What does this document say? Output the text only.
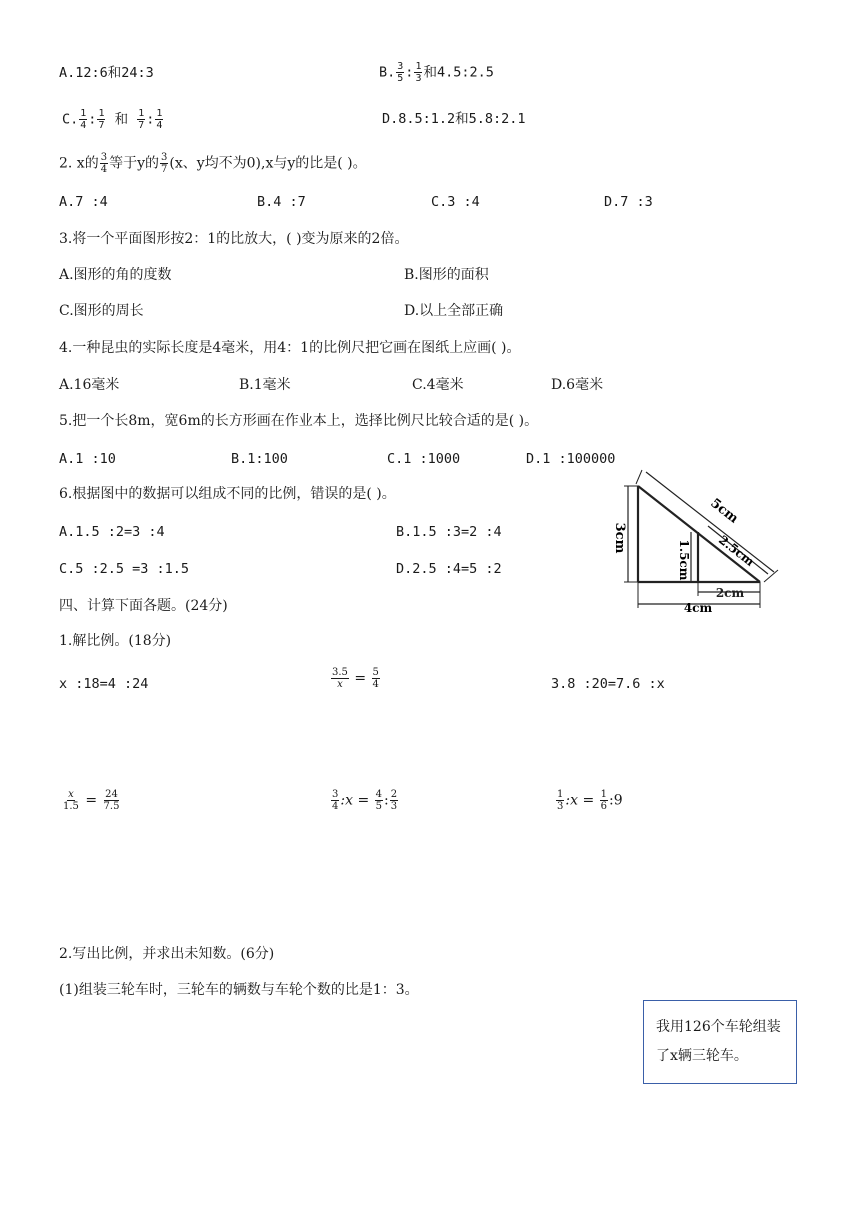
A.12:6和24:3	B. $\frac{3}{5}$ : $\frac{1}{3}$ 和4.5:2.5
C. $\frac{1}{4}$ : $\frac{1}{7}$ 和 $\frac{1}{7}$ : $\frac{1}{4}$	D.8.5:1.2和5.8:2.1
2. x的 $\frac{3}{4}$ 等于y的 $\frac{3}{7} (x$、y均不为0),x与y的比是( )。
A.7 :4	B.4 :7	C.3 :4	D.7 :3
3.将一个平面图形按2：1的比放大，( )变为原来的2倍。
A.图形的角的度数	B.图形的面积
C.图形的周长	D.以上全部正确
4.一种昆虫的实际长度是4毫米，用4：1的比例尺把它画在图纸上应画( )。
A.16毫米	B.1毫米	C.4毫米	D.6毫米
5.把一个长8m，宽6m的长方形画在作业本上，选择比例尺比较合适的是( )。
A.1 :10	B.1:100	C.1 :1000	D.1 :100000
6.根据图中的数据可以组成不同的比例，错误的是( )。
A.1.5 :2=3 :4	B.1.5 :3=2 :4
C.5 :2.5 =3 :1.5	D.2.5 :4=5 :2
3cm
1.5cm
5cm
2.5cm
2cm
4cm
四、计算下面各题。(24分)
1.解比例。(18分)
x :18=4 :24	$\frac{3.5}{x} = \frac{5}{4}$	3.8 :20=7.6 :x
$\frac{x}{1.5} = \frac{24}{7.5}$	$\frac{3}{4}$ :x = $\frac{4}{5}$ : $\frac{2}{3}$	$\frac{1}{3}$ :x = $\frac{1}{6}$ :9
2.写出比例，并求出未知数。(6分)
(1)组装三轮车时，三轮车的辆数与车轮个数的比是1：3。
我用126个车轮组装了x辆三轮车。
